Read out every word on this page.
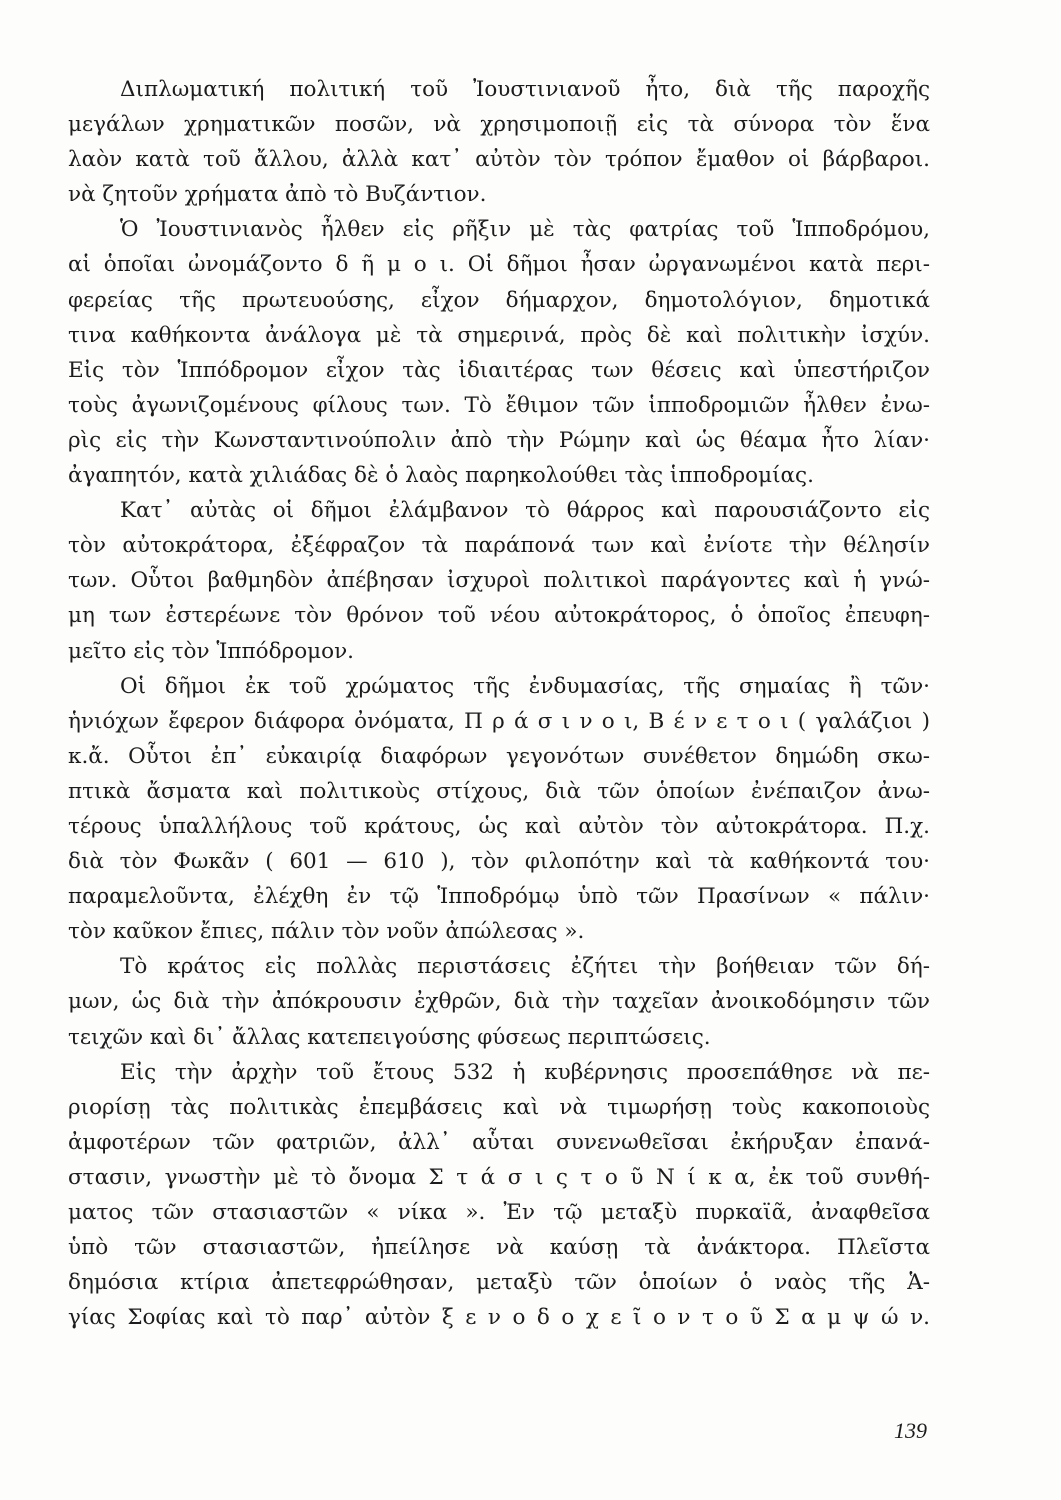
Διπλωματική πολιτική τοῦ Ἰουστινιανοῦ ἦτο, διὰ τῆς παροχῆς
μεγάλων χρηματικῶν ποσῶν, νὰ χρησιμοποιῇ εἰς τὰ σύνορα τὸν ἕνα
λαὸν κατὰ τοῦ ἄλλου, ἀλλὰ κατ᾽ αὐτὸν τὸν τρόπον ἔμαθον οἱ βάρβαροι.
νὰ ζητοῦν χρήματα ἀπὸ τὸ Βυζάντιον.
Ὁ Ἰουστινιανὸς ἦλθεν εἰς ρῆξιν μὲ τὰς φατρίας τοῦ Ἱπποδρόμου,
αἱ ὁποῖαι ὠνομάζοντο δ ῆ μ ο ι. Οἱ δῆμοι ἦσαν ὠργανωμένοι κατὰ περι-
φερείας τῆς πρωτευούσης, εἶχον δήμαρχον, δημοτολόγιον, δημοτικά
τινα καθήκοντα ἀνάλογα μὲ τὰ σημερινά, πρὸς δὲ καὶ πολιτικὴν ἰσχύν.
Εἰς τὸν Ἱππόδρομον εἶχον τὰς ἰδιαιτέρας των θέσεις καὶ ὑπεστήριζον
τοὺς ἀγωνιζομένους φίλους των. Τὸ ἔθιμον τῶν ἱπποδρομιῶν ἦλθεν ἐνω-
ρὶς εἰς τὴν Κωνσταντινούπολιν ἀπὸ τὴν Ρώμην καὶ ὡς θέαμα ἦτο λίαν·
ἀγαπητόν, κατὰ χιλιάδας δὲ ὁ λαὸς παρηκολούθει τὰς ἱπποδρομίας.
Κατ᾽ αὐτὰς οἱ δῆμοι ἐλάμβανον τὸ θάρρος καὶ παρουσιάζοντο εἰς
τὸν αὐτοκράτορα, ἐξέφραζον τὰ παράπονά των καὶ ἐνίοτε τὴν θέλησίν
των. Οὗτοι βαθμηδὸν ἀπέβησαν ἰσχυροὶ πολιτικοὶ παράγοντες καὶ ἡ γνώ-
μη των ἐστερέωνε τὸν θρόνον τοῦ νέου αὐτοκράτορος, ὁ ὁποῖος ἐπευφη-
μεῖτο εἰς τὸν Ἱππόδρομον.
Οἱ δῆμοι ἐκ τοῦ χρώματος τῆς ἐνδυμασίας, τῆς σημαίας ἢ τῶν·
ἡνιόχων ἔφερον διάφορα ὀνόματα, Π ρ ά σ ι ν ο ι, Β έ ν ε τ ο ι ( γαλάζιοι )
κ.ἄ. Οὗτοι ἐπ᾽ εὐκαιρίᾳ διαφόρων γεγονότων συνέθετον δημώδη σκω-
πτικὰ ἄσματα καὶ πολιτικοὺς στίχους, διὰ τῶν ὁποίων ἐνέπαιζον ἀνω-
τέρους ὑπαλλήλους τοῦ κράτους, ὡς καὶ αὐτὸν τὸν αὐτοκράτορα. Π.χ.
διὰ τὸν Φωκᾶν ( 601 — 610 ), τὸν φιλοπότην καὶ τὰ καθήκοντά του·
παραμελοῦντα, ἐλέχθη ἐν τῷ Ἱπποδρόμῳ ὑπὸ τῶν Πρασίνων « πάλιν·
τὸν καῦκον ἔπιες, πάλιν τὸν νοῦν ἀπώλεσας ».
Τὸ κράτος εἰς πολλὰς περιστάσεις ἐζήτει τὴν βοήθειαν τῶν δή-
μων, ὡς διὰ τὴν ἀπόκρουσιν ἐχθρῶν, διὰ τὴν ταχεῖαν ἀνοικοδόμησιν τῶν
τειχῶν καὶ δι᾽ ἄλλας κατεπειγούσης φύσεως περιπτώσεις.
Εἰς τὴν ἀρχὴν τοῦ ἔτους 532 ἡ κυβέρνησις προσεπάθησε νὰ πε-
ριορίσῃ τὰς πολιτικὰς ἐπεμβάσεις καὶ νὰ τιμωρήσῃ τοὺς κακοποιοὺς
ἀμφοτέρων τῶν φατριῶν, ἀλλ᾽ αὗται συνενωθεῖσαι ἐκήρυξαν ἐπανά-
στασιν, γνωστὴν μὲ τὸ ὄνομα Σ τ ά σ ι ς τ ο ῦ Ν ί κ α, ἐκ τοῦ συνθή-
ματος τῶν στασιαστῶν « νίκα ». Ἐν τῷ μεταξὺ πυρκαϊᾶ, ἀναφθεῖσα
ὑπὸ τῶν στασιαστῶν, ἠπείλησε νὰ καύσῃ τὰ ἀνάκτορα. Πλεῖστα
δημόσια κτίρια ἀπετεφρώθησαν, μεταξὺ τῶν ὁποίων ὁ ναὸς τῆς Ἁ-
γίας Σοφίας καὶ τὸ παρ᾽ αὐτὸν ξ ε ν ο δ ο χ ε ῖ ο ν τ ο ῦ Σ α μ ψ ώ ν.
139
